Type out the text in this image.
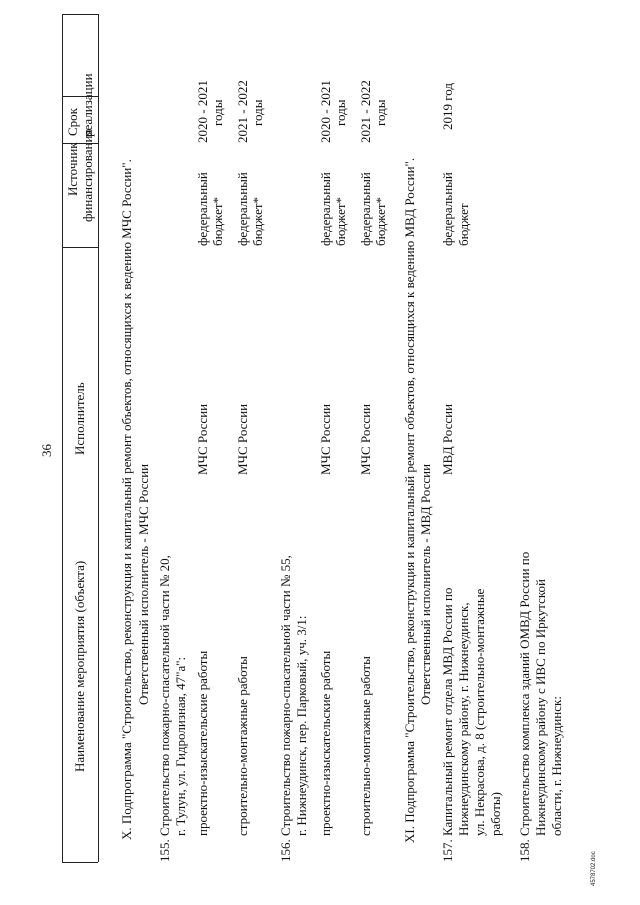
36
Наименование мероприятия (объекта)
Исполнитель
Источник финансирования
Срок реализации
X. Подпрограмма "Строительство, реконструкция и капитальный ремонт объектов, относящихся к ведению МЧС России". Ответственный исполнитель - МЧС России
155.
Строительство пожарно-спасательной части № 20, г. Тулун, ул. Гидролизная, 47"а": проектно-изыскательские работы
МЧС России
федеральный бюджет*
2020 - 2021 годы
строительно-монтажные работы
МЧС России
федеральный бюджет*
2021 - 2022 годы
156.
Строительство пожарно-спасательной части № 55, г. Нижнеудинск, пер. Парковый, уч. 3/1: проектно-изыскательские работы
МЧС России
федеральный бюджет*
2020 - 2021 годы
строительно-монтажные работы
МЧС России
федеральный бюджет*
2021 - 2022 годы
XI. Подпрограмма "Строительство, реконструкция и капитальный ремонт объектов, относящихся к ведению МВД России". Ответственный исполнитель - МВД России
157.
Капитальный ремонт отдела МВД России по Нижнеудинскому району, г. Нижнеудинск, ул. Некрасова, д. 8 (строительно-монтажные работы)
МВД России
федеральный бюджет
2019 год
158.
Строительство комплекса зданий ОМВД России по Нижнеудинскому району с ИВС по Иркутской области, г. Нижнеудинск:
4578702.doc
